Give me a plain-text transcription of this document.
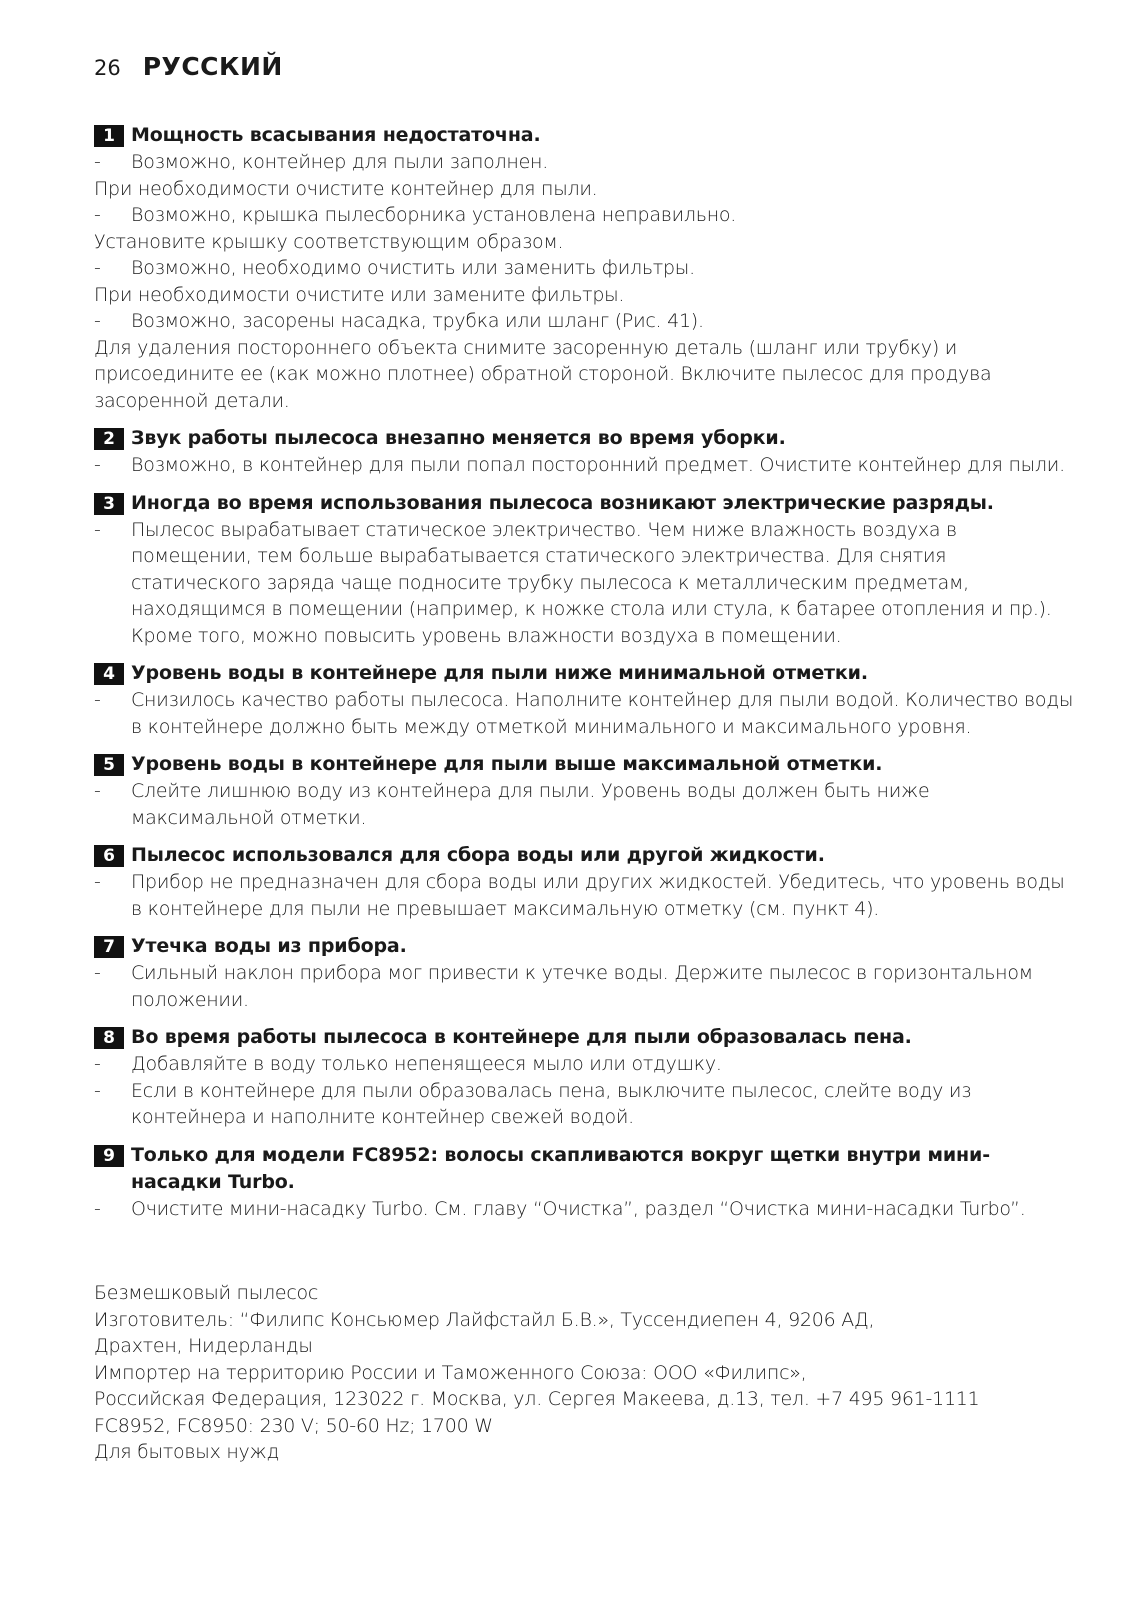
26 РУССКИЙ
1 Мощность всасывания недостаточна.
- Возможно, контейнер для пыли заполнен.
При необходимости очистите контейнер для пыли.
- Возможно, крышка пылесборника установлена неправильно.
Установите крышку соответствующим образом.
- Возможно, необходимо очистить или заменить фильтры.
При необходимости очистите или замените фильтры.
- Возможно, засорены насадка, трубка или шланг (Рис. 41).
Для удаления постороннего объекта снимите засоренную деталь (шланг или трубку) и присоедините ее (как можно плотнее) обратной стороной. Включите пылесос для продува засоренной детали.
2 Звук работы пылесоса внезапно меняется во время уборки.
- Возможно, в контейнер для пыли попал посторонний предмет. Очистите контейнер для пыли.
3 Иногда во время использования пылесоса возникают электрические разряды.
- Пылесос вырабатывает статическое электричество. Чем ниже влажность воздуха в помещении, тем больше вырабатывается статического электричества. Для снятия статического заряда чаще подносите трубку пылесоса к металлическим предметам, находящимся в помещении (например, к ножке стола или стула, к батарее отопления и пр.). Кроме того, можно повысить уровень влажности воздуха в помещении.
4 Уровень воды в контейнере для пыли ниже минимальной отметки.
- Снизилось качество работы пылесоса. Наполните контейнер для пыли водой. Количество воды в контейнере должно быть между отметкой минимального и максимального уровня.
5 Уровень воды в контейнере для пыли выше максимальной отметки.
- Слейте лишнюю воду из контейнера для пыли. Уровень воды должен быть ниже максимальной отметки.
6 Пылесос использовался для сбора воды или другой жидкости.
- Прибор не предназначен для сбора воды или других жидкостей. Убедитесь, что уровень воды в контейнере для пыли не превышает максимальную отметку (см. пункт 4).
7 Утечка воды из прибора.
- Сильный наклон прибора мог привести к утечке воды. Держите пылесос в горизонтальном положении.
8 Во время работы пылесоса в контейнере для пыли образовалась пена.
- Добавляйте в воду только непенящееся мыло или отдушку.
- Если в контейнере для пыли образовалась пена, выключите пылесос, слейте воду из контейнера и наполните контейнер свежей водой.
9 Только для модели FC8952: волосы скапливаются вокруг щетки внутри мини-насадки Turbo.
- Очистите мини-насадку Turbo. См. главу “Очистка”, раздел “Очистка мини-насадки Turbo”.
Безмешковый пылесос
Изготовитель: “Филипс Консьюмер Лайфстайл Б.В.», Туссендиепен 4, 9206 АД,
Драхтен, Нидерланды
Импортер на территорию России и Таможенного Союза: ООО «Филипс»,
Российская Федерация, 123022 г. Москва, ул. Сергея Макеева, д.13, тел. +7 495 961-1111
FC8952, FC8950: 230 V; 50-60 Hz; 1700 W
Для бытовых нужд
